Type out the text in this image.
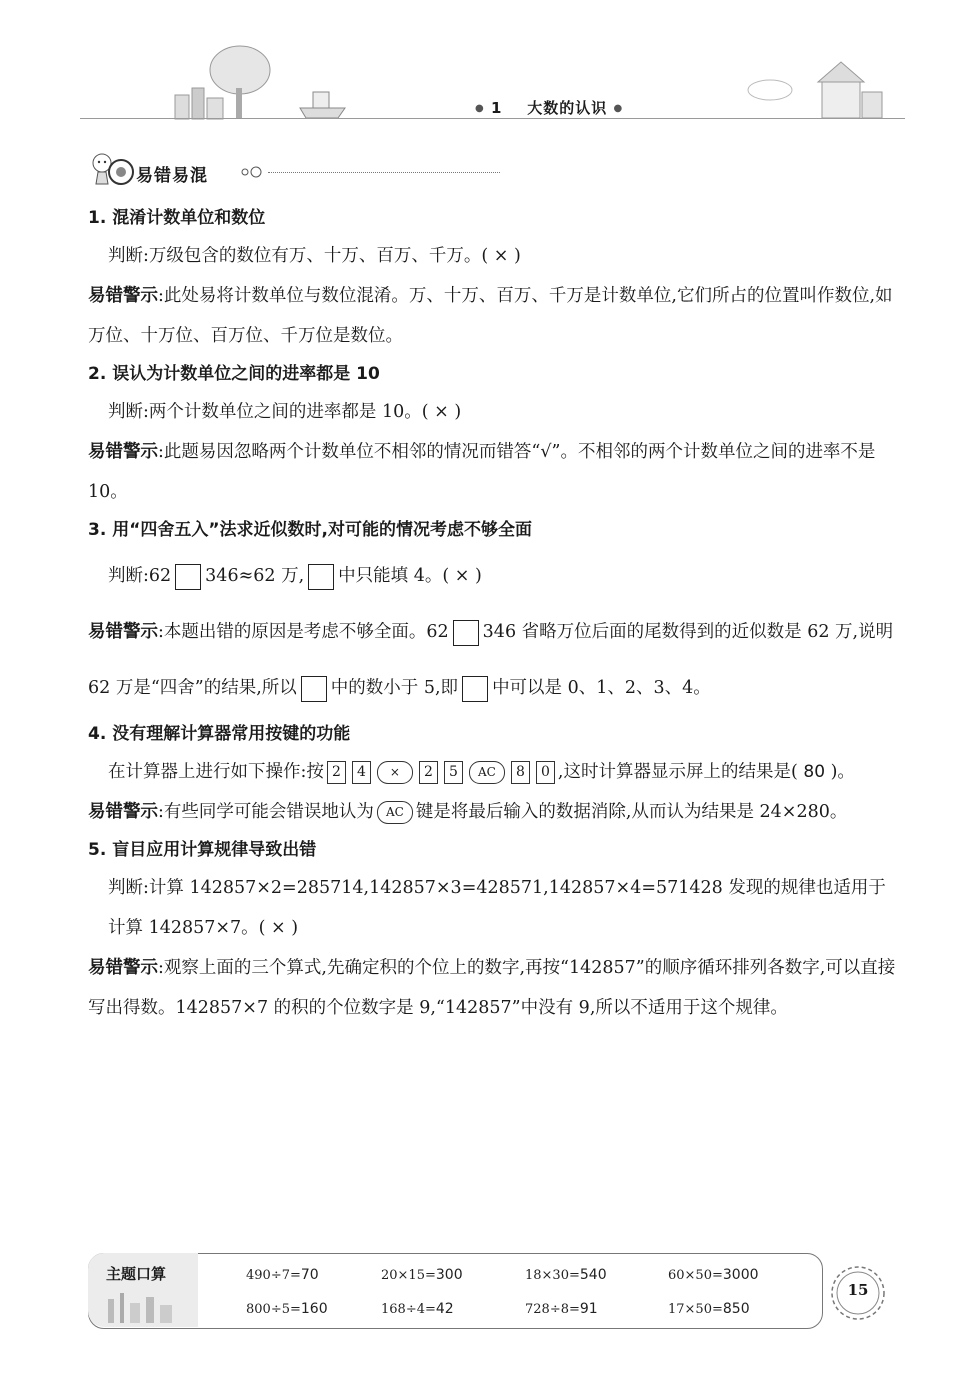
● 1 大数的认识 ●
易错易混

1. 混淆计数单位和数位

判断:万级包含的数位有万、十万、百万、千万。( × )

易错警示:此处易将计数单位与数位混淆。万、十万、百万、千万是计数单位,它们所占的位置叫作数位,如万位、十万位、百万位、千万位是数位。

2. 误认为计数单位之间的进率都是 10

判断:两个计数单位之间的进率都是 10。( × )

易错警示:此题易因忽略两个计数单位不相邻的情况而错答“√”。不相邻的两个计数单位之间的进率不是 10。

3. 用“四舍五入”法求近似数时,对可能的情况考虑不够全面

判断:62 346≈62 万, 中只能填 4。( × )

易错警示:本题出错的原因是考虑不够全面。62 346 省略万位后面的尾数得到的近似数是 62 万,说明 62 万是“四舍”的结果,所以 中的数小于 5,即 中可以是 0、1、2、3、4。

4. 没有理解计算器常用按键的功能

在计算器上进行如下操作:按 2 4 × 2 5 AC 8 0 ,这时计算器显示屏上的结果是( 80 )。

易错警示:有些同学可能会错误地认为 AC 键是将最后输入的数据消除,从而认为结果是 24×280。

5. 盲目应用计算规律导致出错

判断:计算 142857×2=285714,142857×3=428571,142857×4=571428 发现的规律也适用于计算 142857×7。( × )

易错警示:观察上面的三个算式,先确定积的个位上的数字,再按“142857”的顺序循环排列各数字,可以直接写出得数。142857×7 的积的个位数字是 9,“142857”中没有 9,所以不适用于这个规律。

主题口算	490÷7=70	20×15=300	18×30=540	60×50=3000
800÷5=160	168÷4=42	728÷8=91	17×50=850
15
